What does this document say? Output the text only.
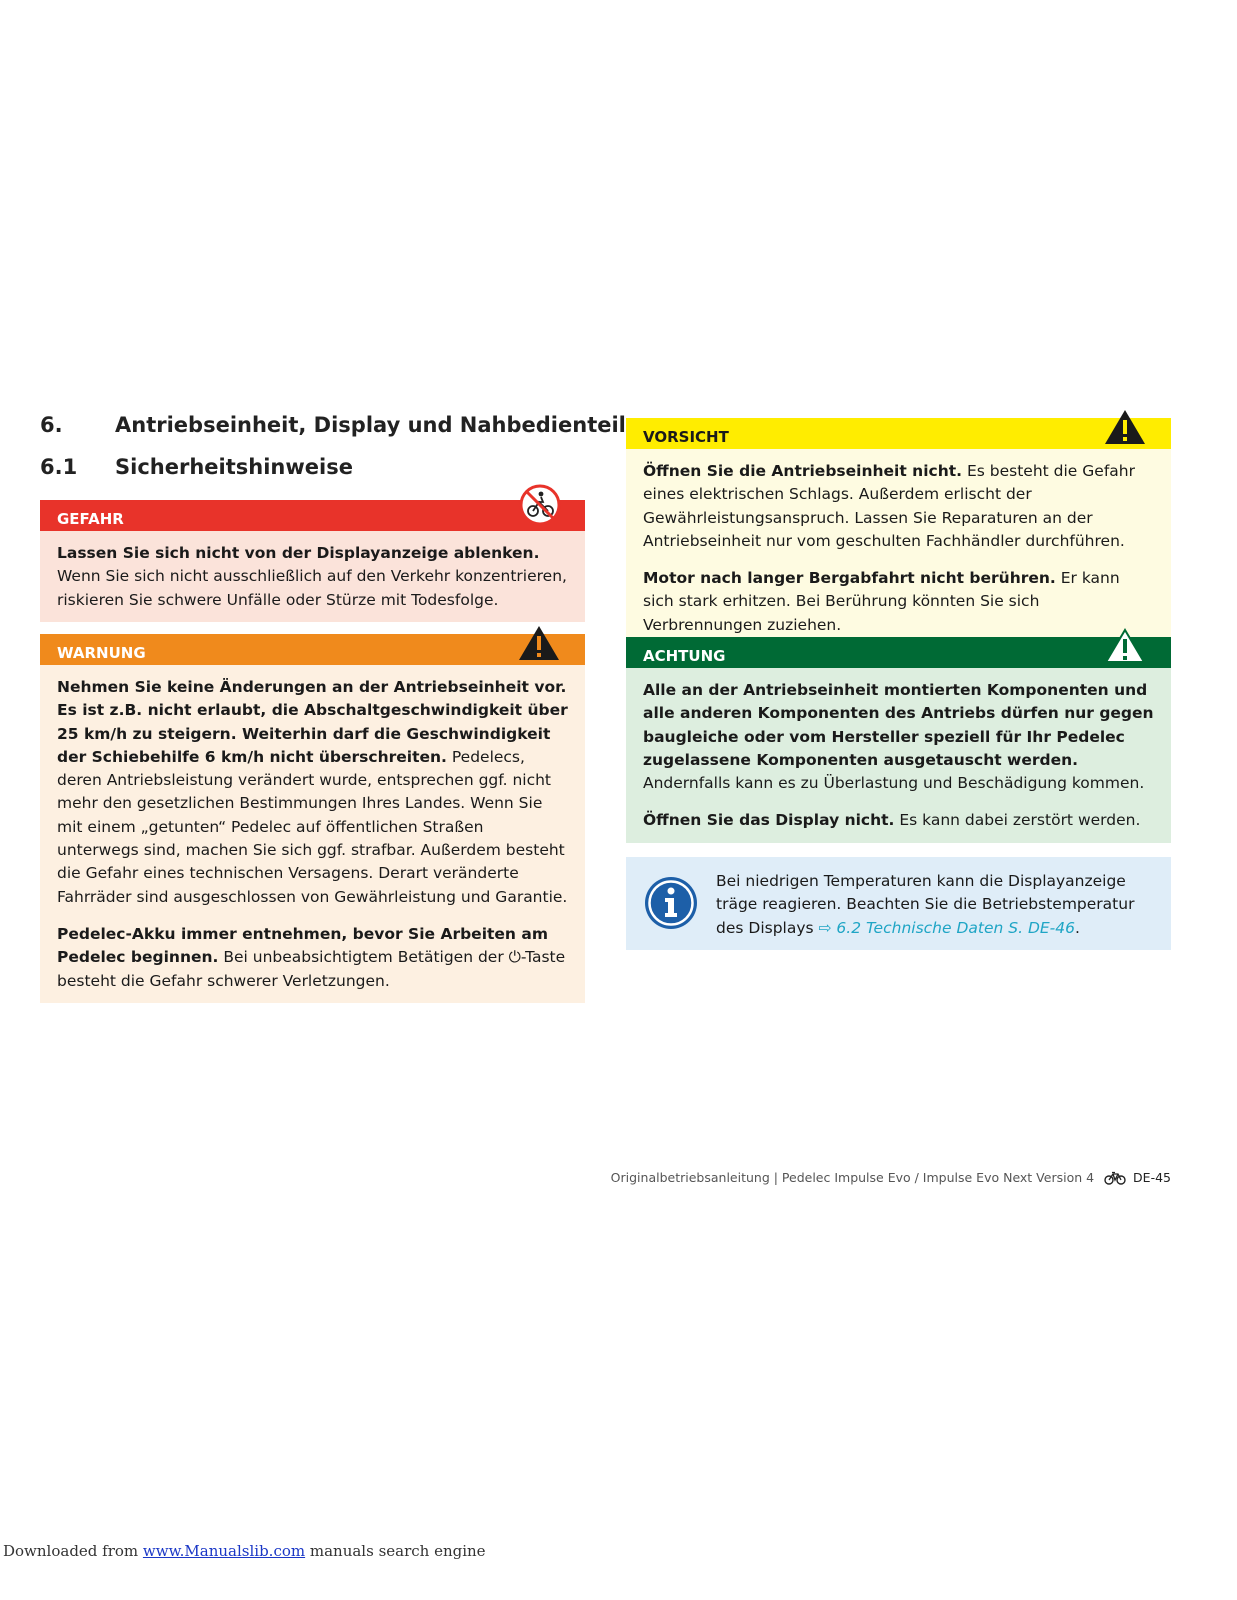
6. Antriebseinheit, Display und Nahbedienteil
6.1 Sicherheitshinweise
GEFAHR

Lassen Sie sich nicht von der Displayanzeige ablenken. Wenn Sie sich nicht ausschließlich auf den Verkehr konzentrieren, riskieren Sie schwere Unfälle oder Stürze mit Todesfolge.

WARNUNG

Nehmen Sie keine Änderungen an der Antriebseinheit vor. Es ist z.B. nicht erlaubt, die Abschaltgeschwindigkeit über 25 km/h zu steigern. Weiterhin darf die Geschwindigkeit der Schiebehilfe 6 km/h nicht überschreiten. Pedelecs, deren Antriebsleistung verändert wurde, entsprechen ggf. nicht mehr den gesetzlichen Bestimmungen Ihres Landes. Wenn Sie mit einem „getunten“ Pedelec auf öffentlichen Straßen unterwegs sind, machen Sie sich ggf. strafbar. Außerdem besteht die Gefahr eines technischen Versagens. Derart veränderte Fahrräder sind ausgeschlossen von Gewährleistung und Garantie.

Pedelec-Akku immer entnehmen, bevor Sie Arbeiten am Pedelec beginnen. Bei unbeabsichtigtem Betätigen der ⏻-Taste besteht die Gefahr schwerer Verletzungen.

VORSICHT

Öffnen Sie die Antriebseinheit nicht. Es besteht die Gefahr eines elektrischen Schlags. Außerdem erlischt der Gewährleistungsanspruch. Lassen Sie Reparaturen an der Antriebseinheit nur vom geschulten Fachhändler durchführen.

Motor nach langer Bergabfahrt nicht berühren. Er kann sich stark erhitzen. Bei Berührung könnten Sie sich Verbrennungen zuziehen.

ACHTUNG

Alle an der Antriebseinheit montierten Komponenten und alle anderen Komponenten des Antriebs dürfen nur gegen baugleiche oder vom Hersteller speziell für Ihr Pedelec zugelassene Komponenten ausgetauscht werden. Andernfalls kann es zu Überlastung und Beschädigung kommen.

Öffnen Sie das Display nicht. Es kann dabei zerstört werden.

Bei niedrigen Temperaturen kann die Displayanzeige träge reagieren. Beachten Sie die Betriebstemperatur des Displays ⇨ 6.2 Technische Daten S. DE-46.
Originalbetriebsanleitung | Pedelec Impulse Evo / Impulse Evo Next Version 4	DE-45
Downloaded from www.Manualslib.com manuals search engine
